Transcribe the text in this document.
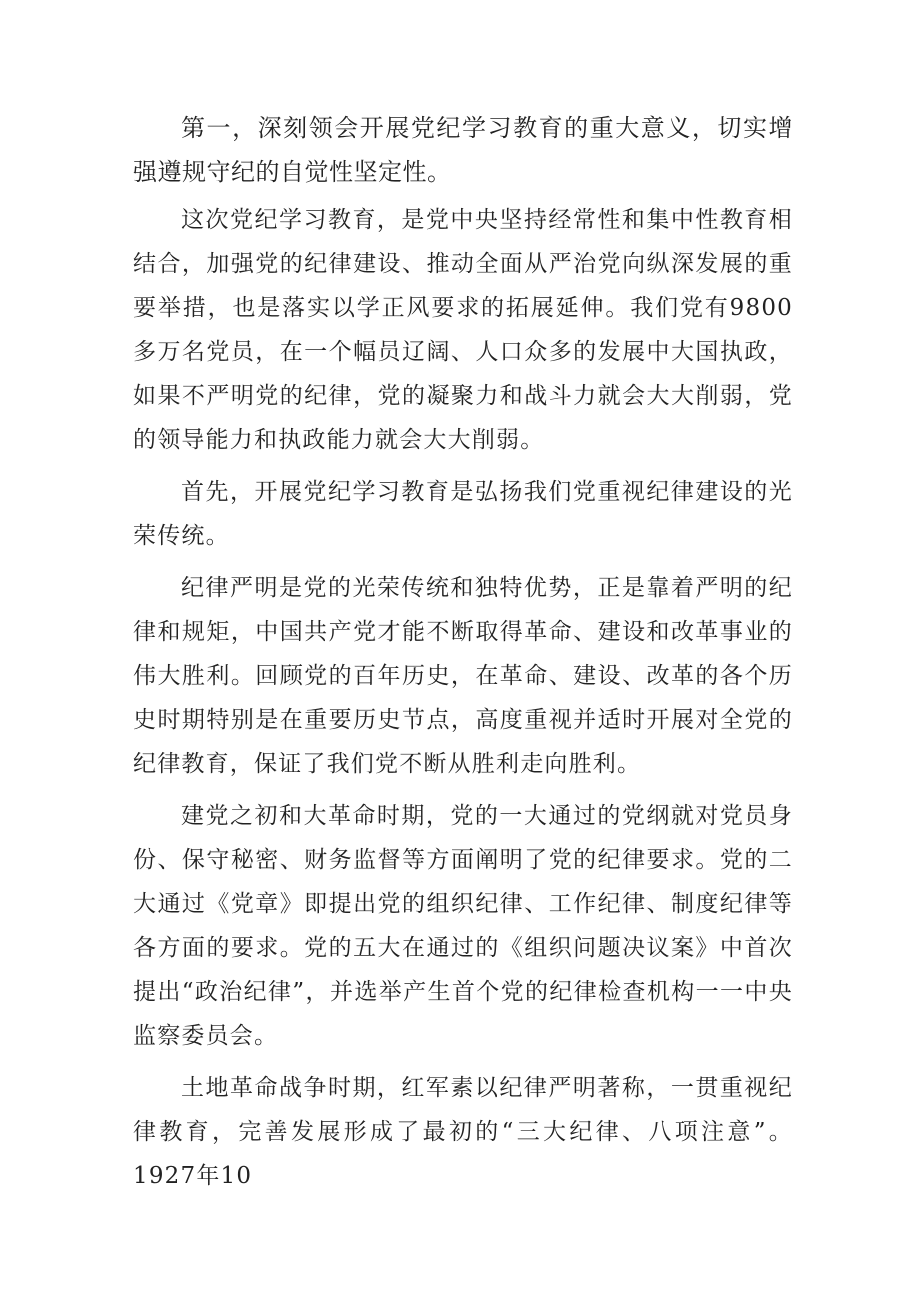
第一，深刻领会开展党纪学习教育的重大意义，切实增强遵规守纪的自觉性坚定性。

这次党纪学习教育，是党中央坚持经常性和集中性教育相结合，加强党的纪律建设、推动全面从严治党向纵深发展的重要举措，也是落实以学正风要求的拓展延伸。我们党有9800多万名党员，在一个幅员辽阔、人口众多的发展中大国执政，如果不严明党的纪律，党的凝聚力和战斗力就会大大削弱，党的领导能力和执政能力就会大大削弱。

首先，开展党纪学习教育是弘扬我们党重视纪律建设的光荣传统。

纪律严明是党的光荣传统和独特优势，正是靠着严明的纪律和规矩，中国共产党才能不断取得革命、建设和改革事业的伟大胜利。回顾党的百年历史，在革命、建设、改革的各个历史时期特别是在重要历史节点，高度重视并适时开展对全党的纪律教育，保证了我们党不断从胜利走向胜利。

建党之初和大革命时期，党的一大通过的党纲就对党员身份、保守秘密、财务监督等方面阐明了党的纪律要求。党的二大通过《党章》即提出党的组织纪律、工作纪律、制度纪律等各方面的要求。党的五大在通过的《组织问题决议案》中首次提出“政治纪律”，并选举产生首个党的纪律检查机构一一中央监察委员会。

土地革命战争时期，红军素以纪律严明著称，一贯重视纪律教育，完善发展形成了最初的“三大纪律、八项注意”。1927年10
